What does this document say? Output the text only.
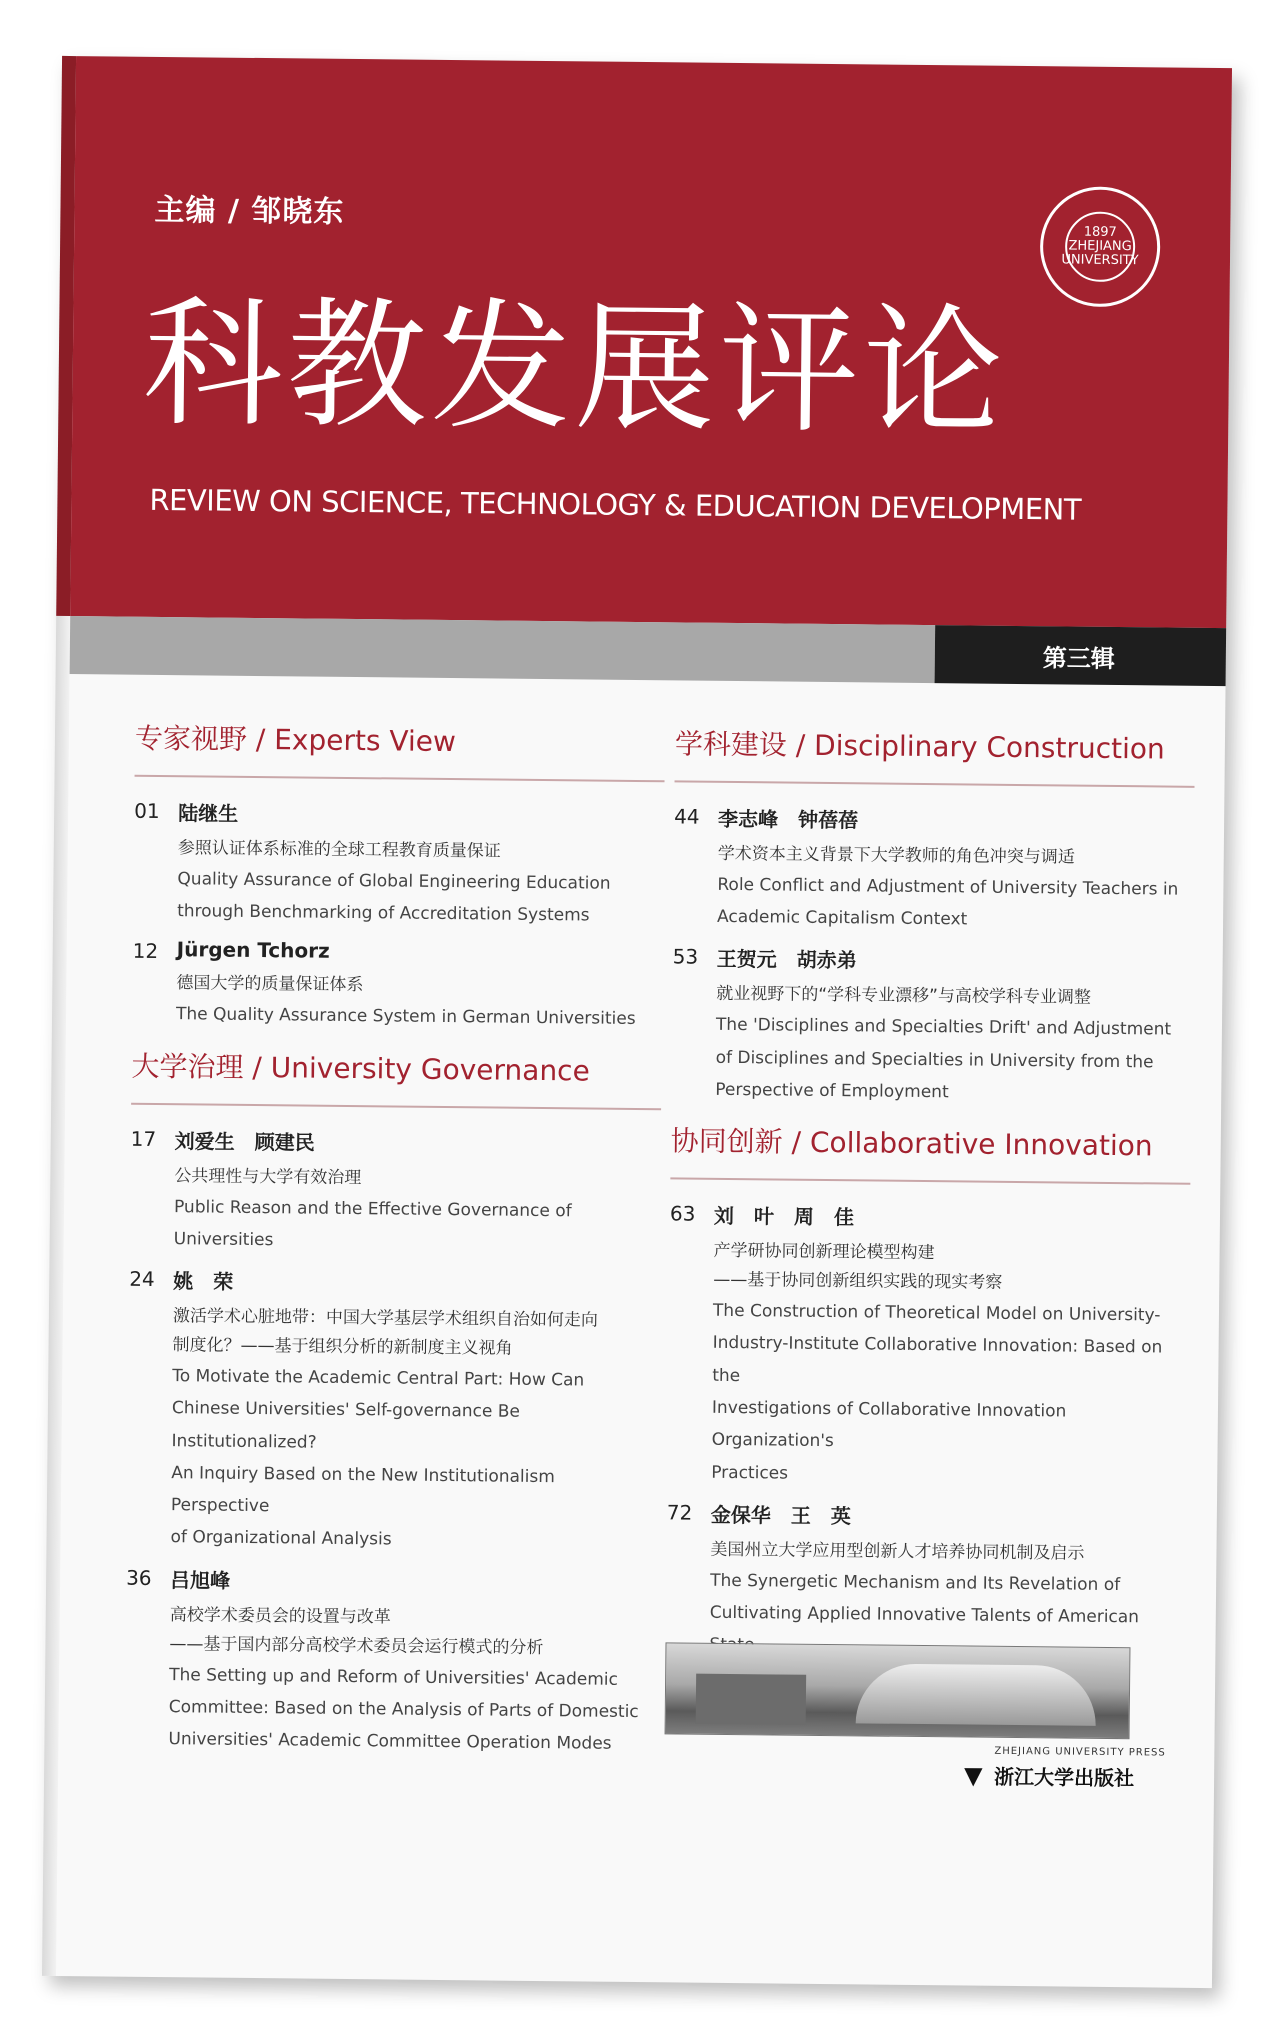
主编 / 邹晓东
科教发展评论
REVIEW ON SCIENCE, TECHNOLOGY & EDUCATION DEVELOPMENT
1897 ZHEJIANG UNIVERSITY
第三辑
专家视野 / Experts View
01 陆继生
参照认证体系标准的全球工程教育质量保证
Quality Assurance of Global Engineering Education
through Benchmarking of Accreditation Systems
12 Jürgen Tchorz
德国大学的质量保证体系
The Quality Assurance System in German Universities
大学治理 / University Governance
17 刘爱生　顾建民
公共理性与大学有效治理
Public Reason and the Effective Governance of
Universities
24 姚　荣
激活学术心脏地带：中国大学基层学术组织自治如何走向
制度化？——基于组织分析的新制度主义视角
To Motivate the Academic Central Part: How Can
Chinese Universities' Self-governance Be Institutionalized?
An Inquiry Based on the New Institutionalism Perspective
of Organizational Analysis
36 吕旭峰
高校学术委员会的设置与改革
——基于国内部分高校学术委员会运行模式的分析
The Setting up and Reform of Universities' Academic
Committee: Based on the Analysis of Parts of Domestic
Universities' Academic Committee Operation Modes
学科建设 / Disciplinary Construction
44 李志峰　钟蓓蓓
学术资本主义背景下大学教师的角色冲突与调适
Role Conflict and Adjustment of University Teachers in
Academic Capitalism Context
53 王贺元　胡赤弟
就业视野下的“学科专业漂移”与高校学科专业调整
The 'Disciplines and Specialties Drift' and Adjustment
of Disciplines and Specialties in University from the
Perspective of Employment
协同创新 / Collaborative Innovation
63 刘　叶　周　佳
产学研协同创新理论模型构建
——基于协同创新组织实践的现实考察
The Construction of Theoretical Model on University-
Industry-Institute Collaborative Innovation: Based on the
Investigations of Collaborative Innovation Organization's
Practices
72 金保华　王　英
美国州立大学应用型创新人才培养协同机制及启示
The Synergetic Mechanism and Its Revelation of
Cultivating Applied Innovative Talents of American
ZHEJIANG UNIVERSITY PRESS
▼ 浙江大学出版社
